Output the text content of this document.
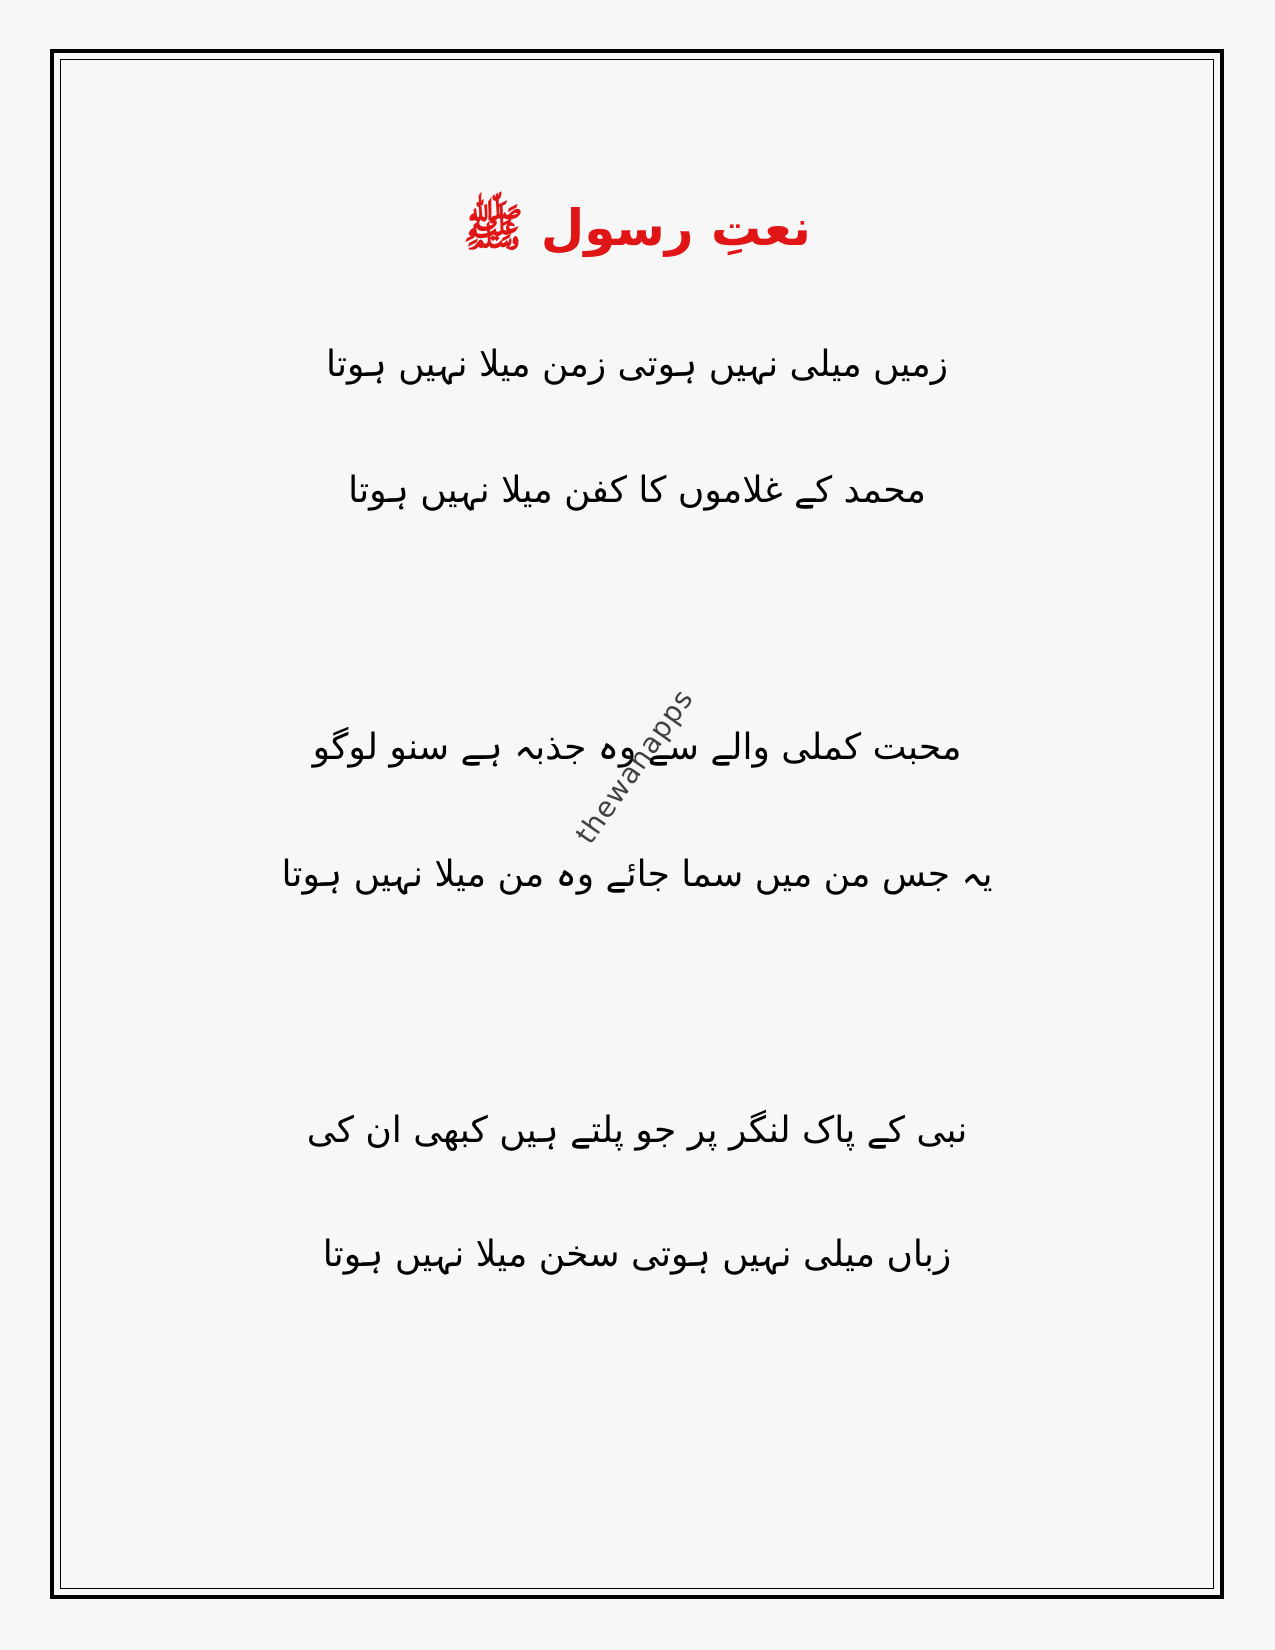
نعتِ رسول ﷺ
زمیں میلی نہیں ہوتی زمن میلا نہیں ہوتا
محمد کے غلاموں کا کفن میلا نہیں ہوتا
محبت کملی والے سے وہ جذبہ ہے سنو لوگو
یہ جس من میں سما جائے وہ من میلا نہیں ہوتا
نبی کے پاک لنگر پر جو پلتے ہیں کبھی ان کی
زباں میلی نہیں ہوتی سخن میلا نہیں ہوتا
thewahapps
